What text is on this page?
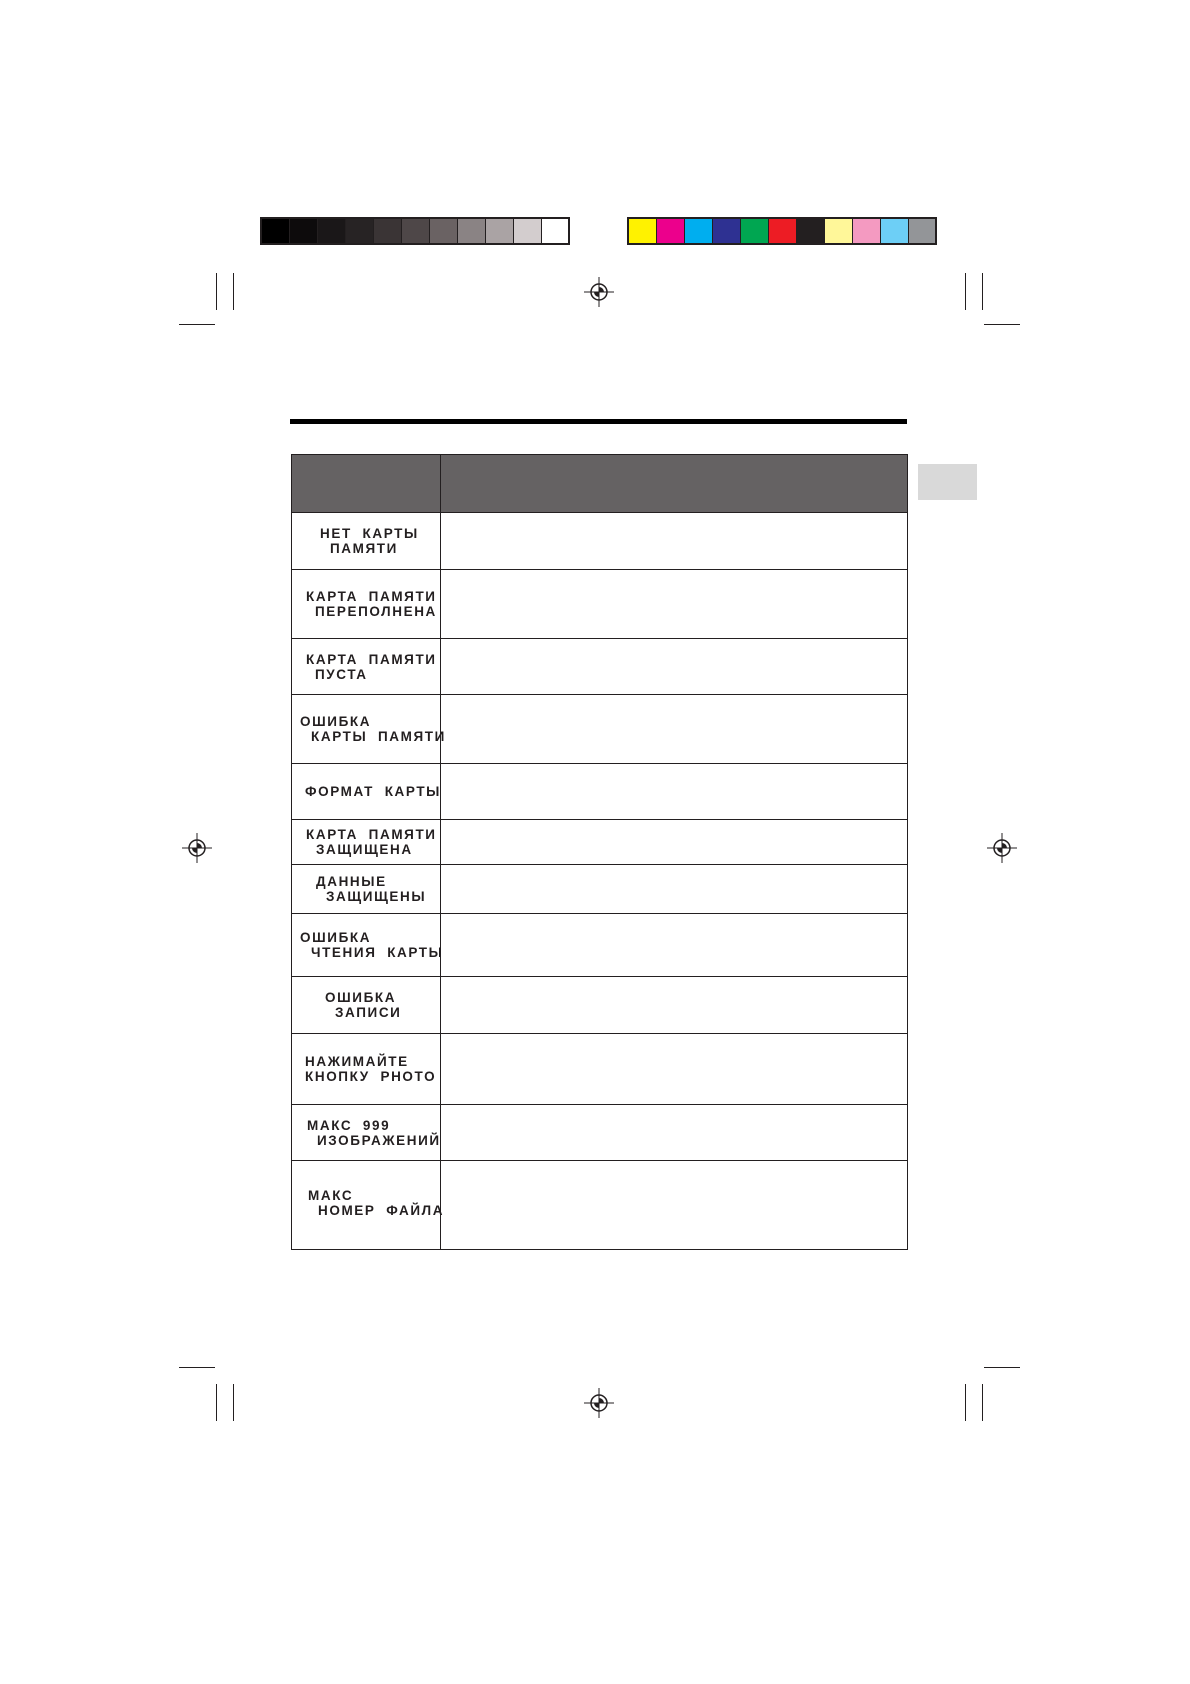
НЕТ  КАРТЫ
ПАМЯТИ	

КАРТА  ПАМЯТИ
ПЕРЕПОЛНЕНА	

КАРТА  ПАМЯТИ
ПУСТА	

ОШИБКА
КАРТЫ  ПАМЯТИ	

ФОРМАТ  КАРТЫ	

КАРТА  ПАМЯТИ
ЗАЩИЩЕНА	

ДАННЫЕ
ЗАЩИЩЕНЫ	

ОШИБКА
ЧТЕНИЯ  КАРТЫ	

ОШИБКА
ЗАПИСИ	

НАЖИМАЙТЕ
КНОПКУ  PHOTO	

МАКС  999
ИЗОБРАЖЕНИЙ	

МАКС
НОМЕР  ФАЙЛА	
